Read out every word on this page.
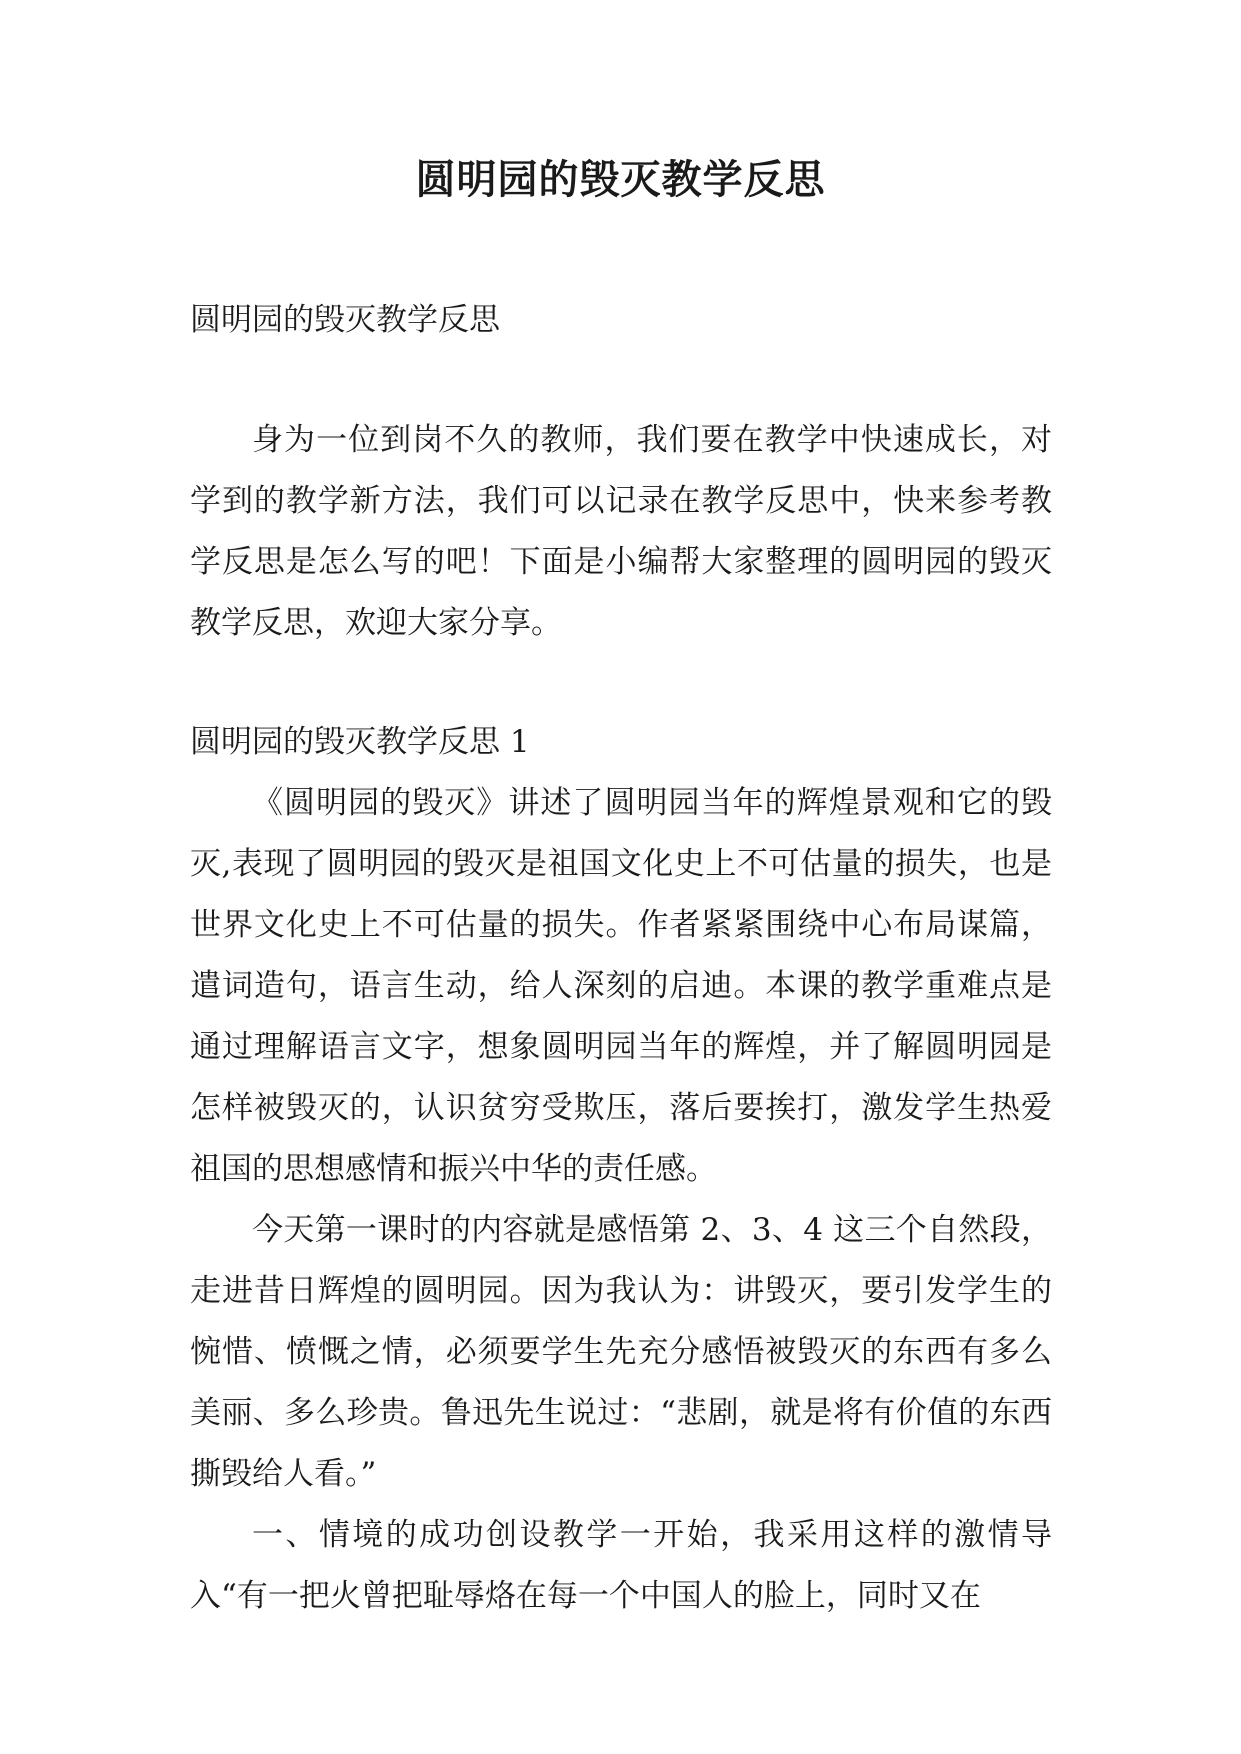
圆明园的毁灭教学反思

圆明园的毁灭教学反思

身为一位到岗不久的教师，我们要在教学中快速成长，对学到的教学新方法，我们可以记录在教学反思中，快来参考教学反思是怎么写的吧！下面是小编帮大家整理的圆明园的毁灭教学反思，欢迎大家分享。

圆明园的毁灭教学反思 1

《圆明园的毁灭》讲述了圆明园当年的辉煌景观和它的毁灭,表现了圆明园的毁灭是祖国文化史上不可估量的损失，也是世界文化史上不可估量的损失。作者紧紧围绕中心布局谋篇，遣词造句，语言生动，给人深刻的启迪。本课的教学重难点是通过理解语言文字，想象圆明园当年的辉煌，并了解圆明园是怎样被毁灭的，认识贫穷受欺压，落后要挨打，激发学生热爱祖国的思想感情和振兴中华的责任感。

今天第一课时的内容就是感悟第 2、3、4 这三个自然段，走进昔日辉煌的圆明园。因为我认为：讲毁灭，要引发学生的惋惜、愤慨之情，必须要学生先充分感悟被毁灭的东西有多么美丽、多么珍贵。鲁迅先生说过：“悲剧，就是将有价值的东西撕毁给人看。”

一、情境的成功创设教学一开始，我采用这样的激情导入“有一把火曾把耻辱烙在每一个中国人的脸上，同时又在
